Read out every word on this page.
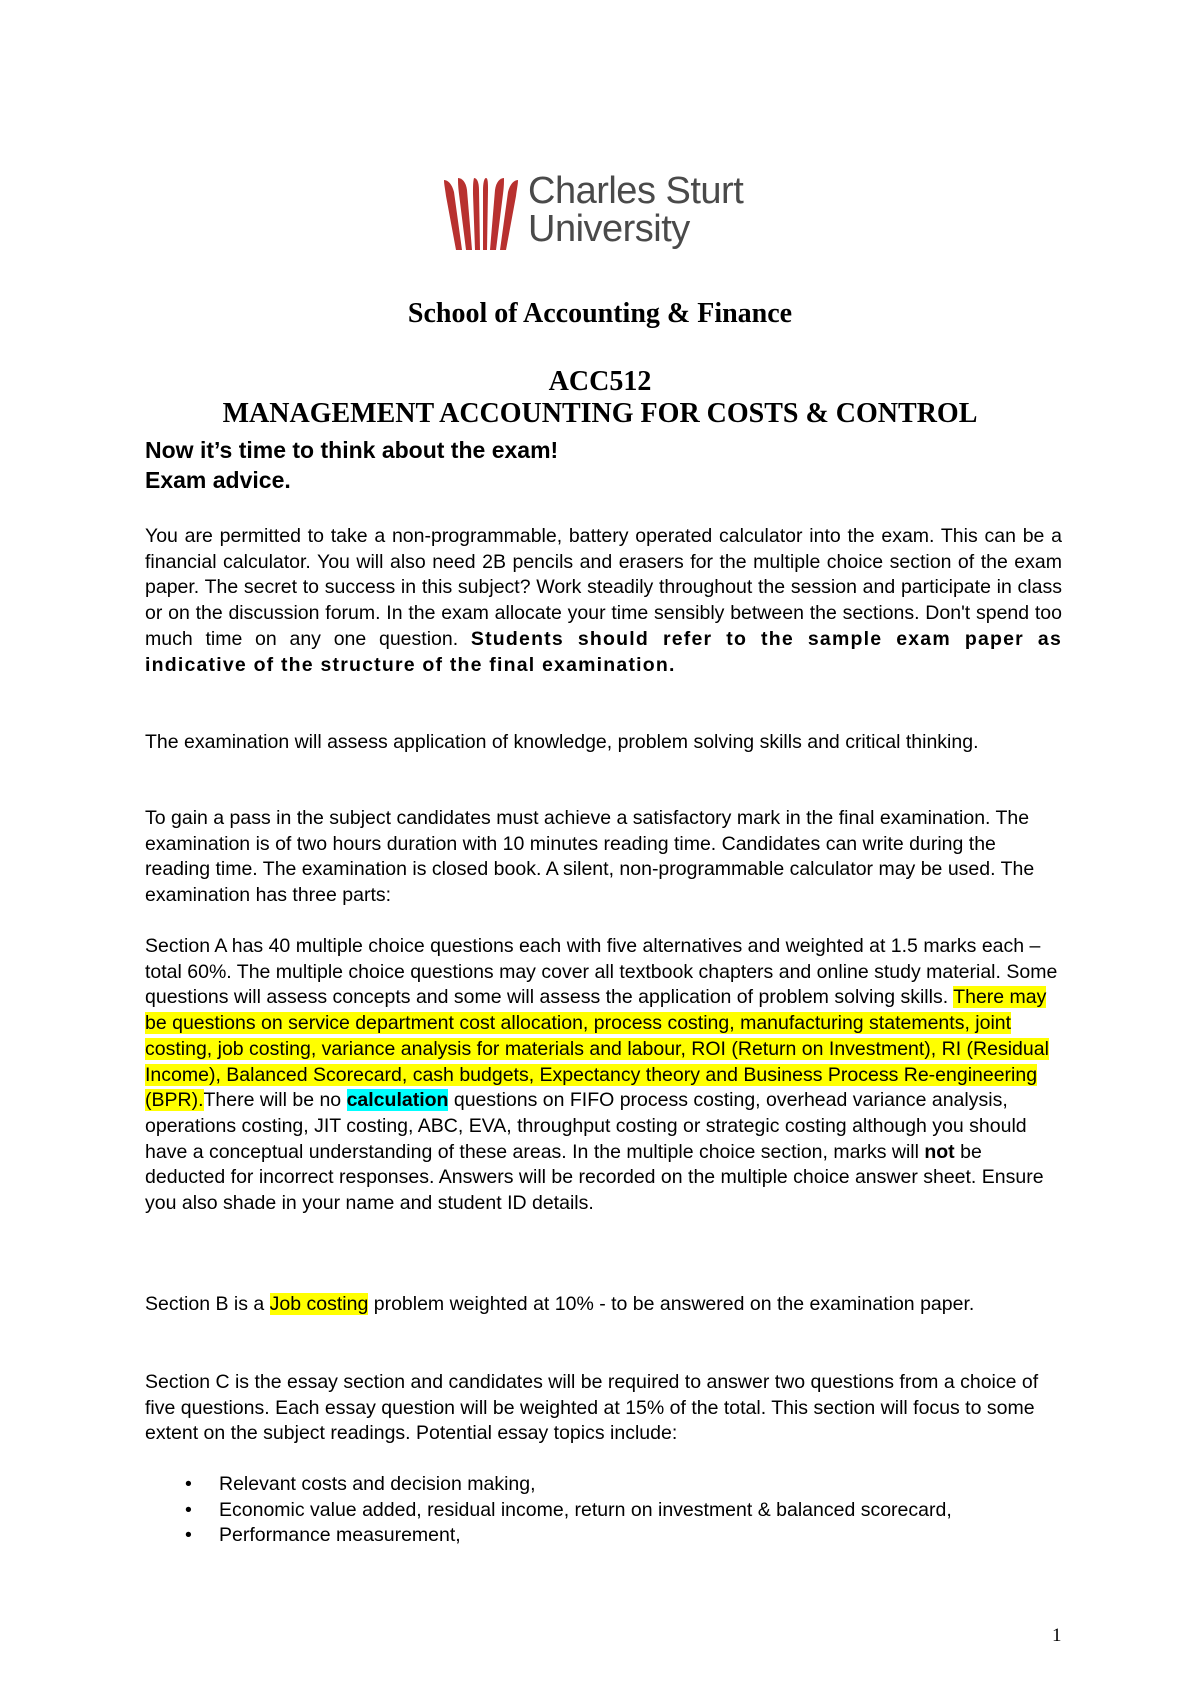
Charles Sturt
University
School of Accounting & Finance
ACC512
MANAGEMENT ACCOUNTING FOR COSTS & CONTROL
Now it’s time to think about the exam!
Exam advice.
You are permitted to take a non-programmable, battery operated calculator into the exam. This can be a financial calculator. You will also need 2B pencils and erasers for the multiple choice section of the exam paper. The secret to success in this subject? Work steadily throughout the session and participate in class or on the discussion forum. In the exam allocate your time sensibly between the sections. Don't spend too much time on any one question. Students should refer to the sample exam paper as indicative of the structure of the final examination.
The examination will assess application of knowledge, problem solving skills and critical thinking.
To gain a pass in the subject candidates must achieve a satisfactory mark in the final examination. The examination is of two hours duration with 10 minutes reading time. Candidates can write during the reading time. The examination is closed book. A silent, non-programmable calculator may be used. The examination has three parts:
Section A has 40 multiple choice questions each with five alternatives and weighted at 1.5 marks each – total 60%. The multiple choice questions may cover all textbook chapters and online study material. Some questions will assess concepts and some will assess the application of problem solving skills. There may be questions on service department cost allocation, process costing, manufacturing statements, joint costing, job costing, variance analysis for materials and labour, ROI (Return on Investment), RI (Residual Income), Balanced Scorecard, cash budgets, Expectancy theory and Business Process Re-engineering (BPR).There will be no calculation questions on FIFO process costing, overhead variance analysis, operations costing, JIT costing, ABC, EVA, throughput costing or strategic costing although you should have a conceptual understanding of these areas. In the multiple choice section, marks will not be deducted for incorrect responses. Answers will be recorded on the multiple choice answer sheet. Ensure you also shade in your name and student ID details.
Section B is a Job costing problem weighted at 10% - to be answered on the examination paper.
Section C is the essay section and candidates will be required to answer two questions from a choice of five questions. Each essay question will be weighted at 15% of the total. This section will focus to some extent on the subject readings. Potential essay topics include:
• Relevant costs and decision making,
• Economic value added, residual income, return on investment & balanced scorecard,
• Performance measurement,
1
